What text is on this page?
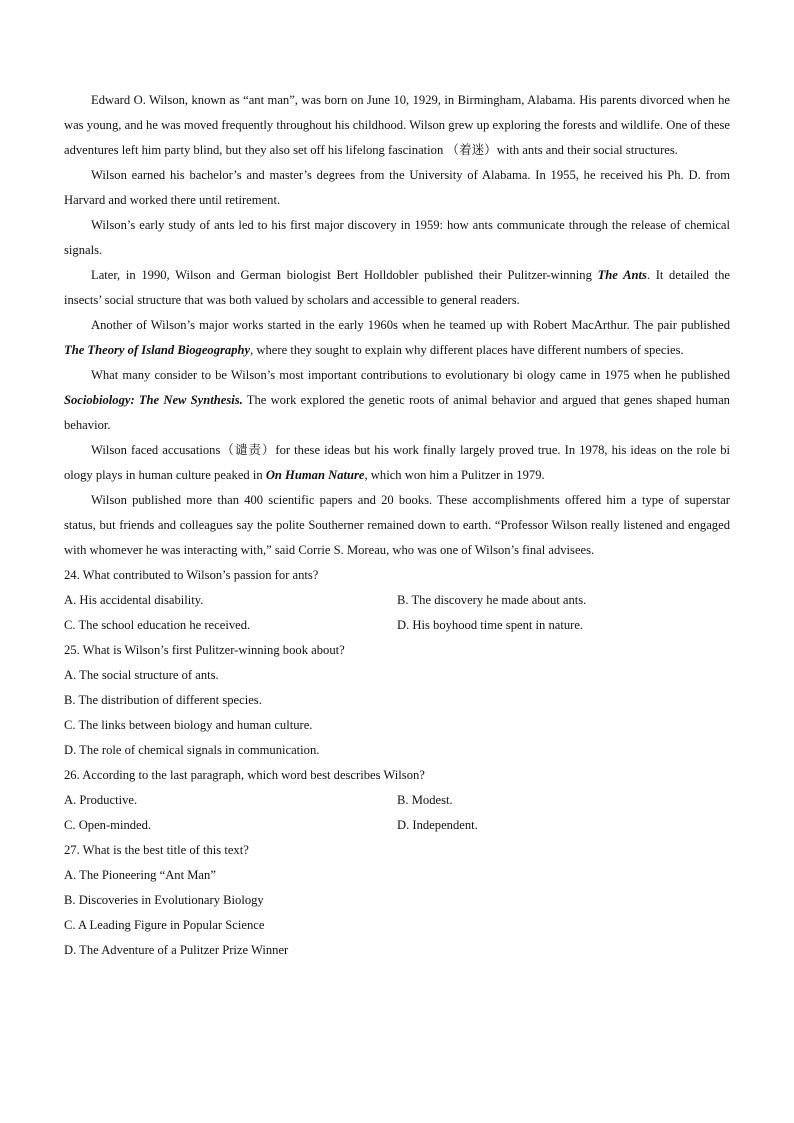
Edward O. Wilson, known as “ant man”, was born on June 10, 1929, in Birmingham, Alabama. His parents divorced when he was young, and he was moved frequently throughout his childhood. Wilson grew up exploring the forests and wildlife. One of these adventures left him party blind, but they also set off his lifelong fascination （着迷）with ants and their social structures.

Wilson earned his bachelor’s and master’s degrees from the University of Alabama. In 1955, he received his Ph. D. from Harvard and worked there until retirement.

Wilson’s early study of ants led to his first major discovery in 1959: how ants communicate through the release of chemical signals.

Later, in 1990, Wilson and German biologist Bert Holldobler published their Pulitzer-winning The Ants. It detailed the insects’ social structure that was both valued by scholars and accessible to general readers.

Another of Wilson’s major works started in the early 1960s when he teamed up with Robert MacArthur. The pair published The Theory of Island Biogeography, where they sought to explain why different places have different numbers of species.

What many consider to be Wilson’s most important contributions to evolutionary bi ology came in 1975 when he published Sociobiology: The New Synthesis. The work explored the genetic roots of animal behavior and argued that genes shaped human behavior.

Wilson faced accusations（谴责）for these ideas but his work finally largely proved true. In 1978, his ideas on the role bi ology plays in human culture peaked in On Human Nature, which won him a Pulitzer in 1979.

Wilson published more than 400 scientific papers and 20 books. These accomplishments offered him a type of superstar status, but friends and colleagues say the polite Southerner remained down to earth. “Professor Wilson really listened and engaged with whomever he was interacting with,” said Corrie S. Moreau, who was one of Wilson’s final advisees.

24. What contributed to Wilson’s passion for ants?

A. His accidental disability.	B. The discovery he made about ants.
C. The school education he received.	D. His boyhood time spent in nature.

25. What is Wilson’s first Pulitzer-winning book about?

A. The social structure of ants.

B. The distribution of different species.

C. The links between biology and human culture.

D. The role of chemical signals in communication.

26. According to the last paragraph, which word best describes Wilson?

A. Productive.	B. Modest.
C. Open-minded.	D. Independent.

27. What is the best title of this text?

A. The Pioneering “Ant Man”

B. Discoveries in Evolutionary Biology

C. A Leading Figure in Popular Science

D. The Adventure of a Pulitzer Prize Winner
